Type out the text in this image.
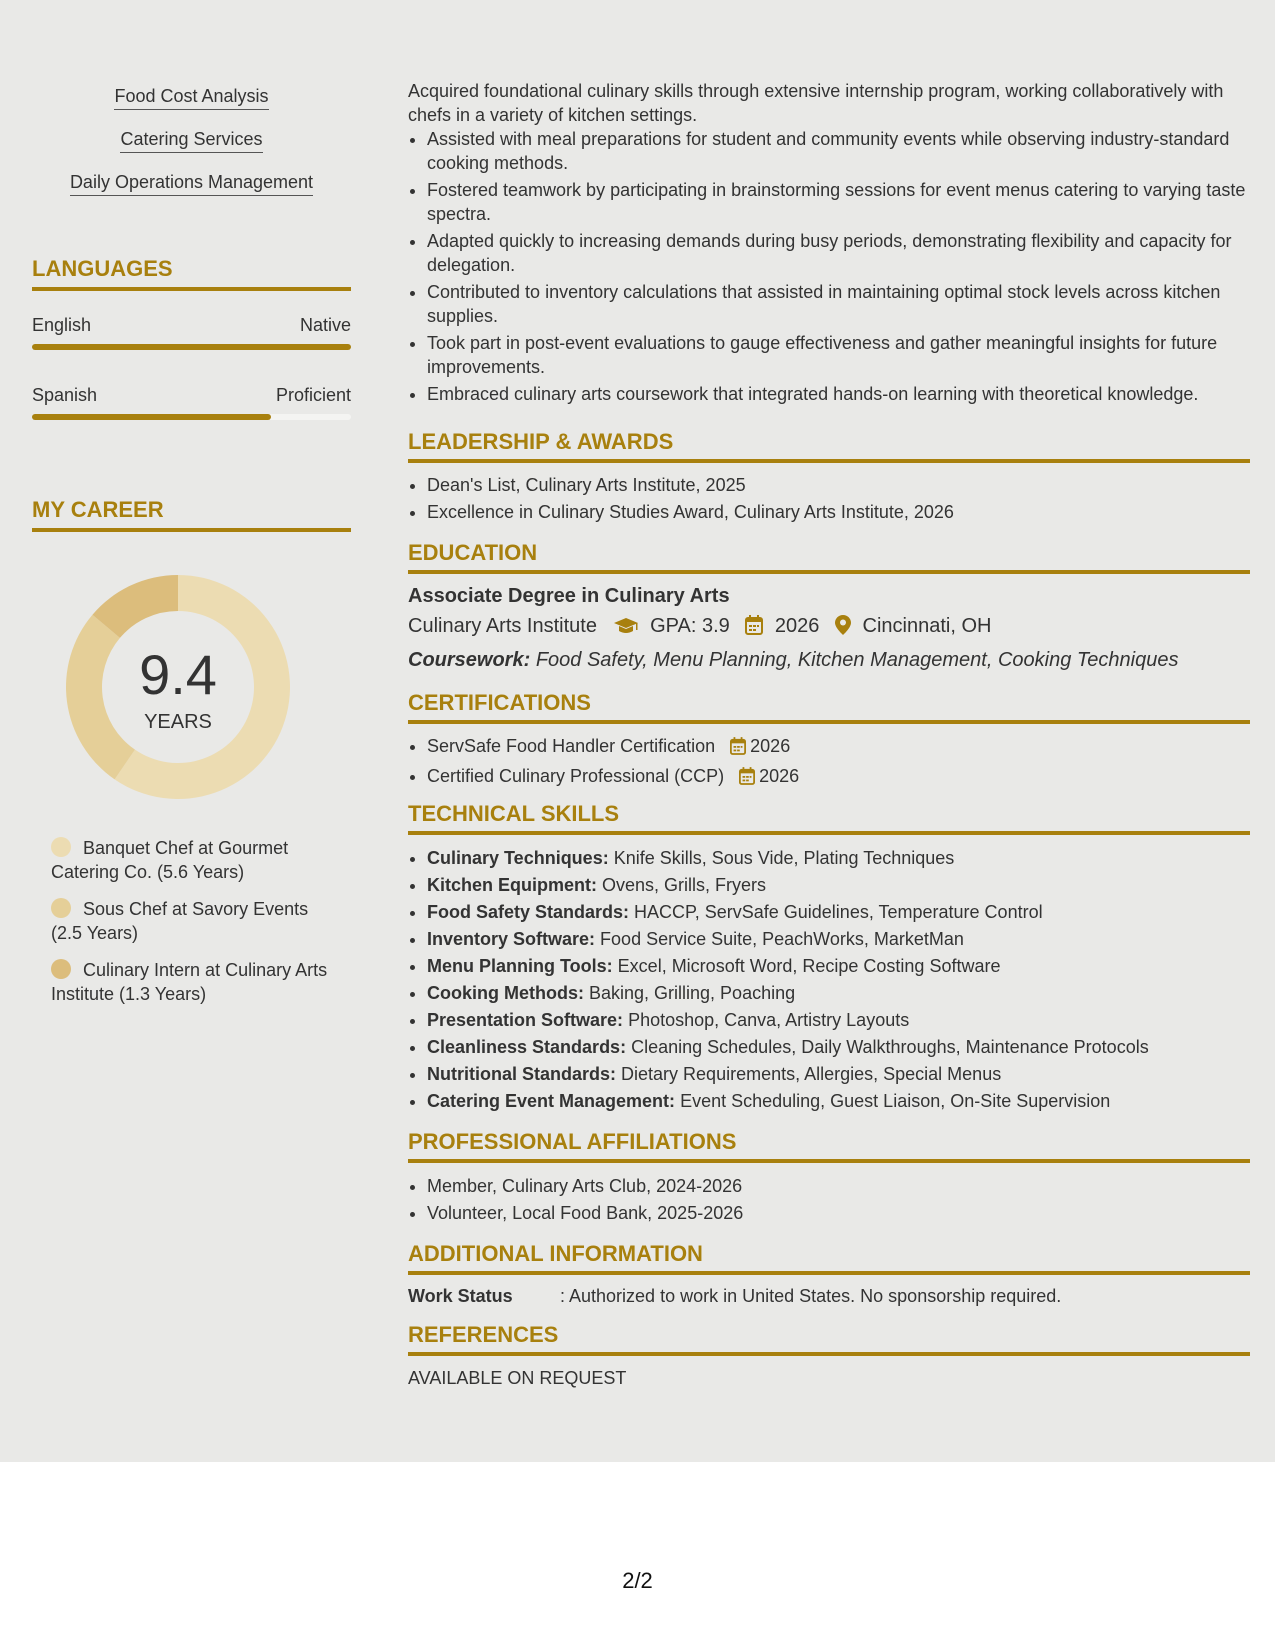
Food Cost Analysis
Catering Services
Daily Operations Management
LANGUAGES
English	Native
Spanish	Proficient
MY CAREER
9.4
YEARS
Banquet Chef at Gourmet Catering Co. (5.6 Years)
Sous Chef at Savory Events (2.5 Years)
Culinary Intern at Culinary Arts Institute (1.3 Years)

Acquired foundational culinary skills through extensive internship program, working collaboratively with chefs in a variety of kitchen settings.

• Assisted with meal preparations for student and community events while observing industry-standard cooking methods.
• Fostered teamwork by participating in brainstorming sessions for event menus catering to varying taste spectra.
• Adapted quickly to increasing demands during busy periods, demonstrating flexibility and capacity for delegation.
• Contributed to inventory calculations that assisted in maintaining optimal stock levels across kitchen supplies.
• Took part in post-event evaluations to gauge effectiveness and gather meaningful insights for future improvements.
• Embraced culinary arts coursework that integrated hands-on learning with theoretical knowledge.
LEADERSHIP & AWARDS
• Dean's List, Culinary Arts Institute, 2025
• Excellence in Culinary Studies Award, Culinary Arts Institute, 2026
EDUCATION
Associate Degree in Culinary Arts
Culinary Arts Institute	GPA: 3.9 2026 Cincinnati, OH
Coursework: Food Safety, Menu Planning, Kitchen Management, Cooking Techniques
CERTIFICATIONS
• ServSafe Food Handler Certification 2026
• Certified Culinary Professional (CCP) 2026
TECHNICAL SKILLS
• Culinary Techniques: Knife Skills, Sous Vide, Plating Techniques
• Kitchen Equipment: Ovens, Grills, Fryers
• Food Safety Standards: HACCP, ServSafe Guidelines, Temperature Control
• Inventory Software: Food Service Suite, PeachWorks, MarketMan
• Menu Planning Tools: Excel, Microsoft Word, Recipe Costing Software
• Cooking Methods: Baking, Grilling, Poaching
• Presentation Software: Photoshop, Canva, Artistry Layouts
• Cleanliness Standards: Cleaning Schedules, Daily Walkthroughs, Maintenance Protocols
• Nutritional Standards: Dietary Requirements, Allergies, Special Menus
• Catering Event Management: Event Scheduling, Guest Liaison, On-Site Supervision
PROFESSIONAL AFFILIATIONS
• Member, Culinary Arts Club, 2024-2026
• Volunteer, Local Food Bank, 2025-2026
ADDITIONAL INFORMATION
Work Status	: Authorized to work in United States. No sponsorship required.
REFERENCES
AVAILABLE ON REQUEST
2/2
